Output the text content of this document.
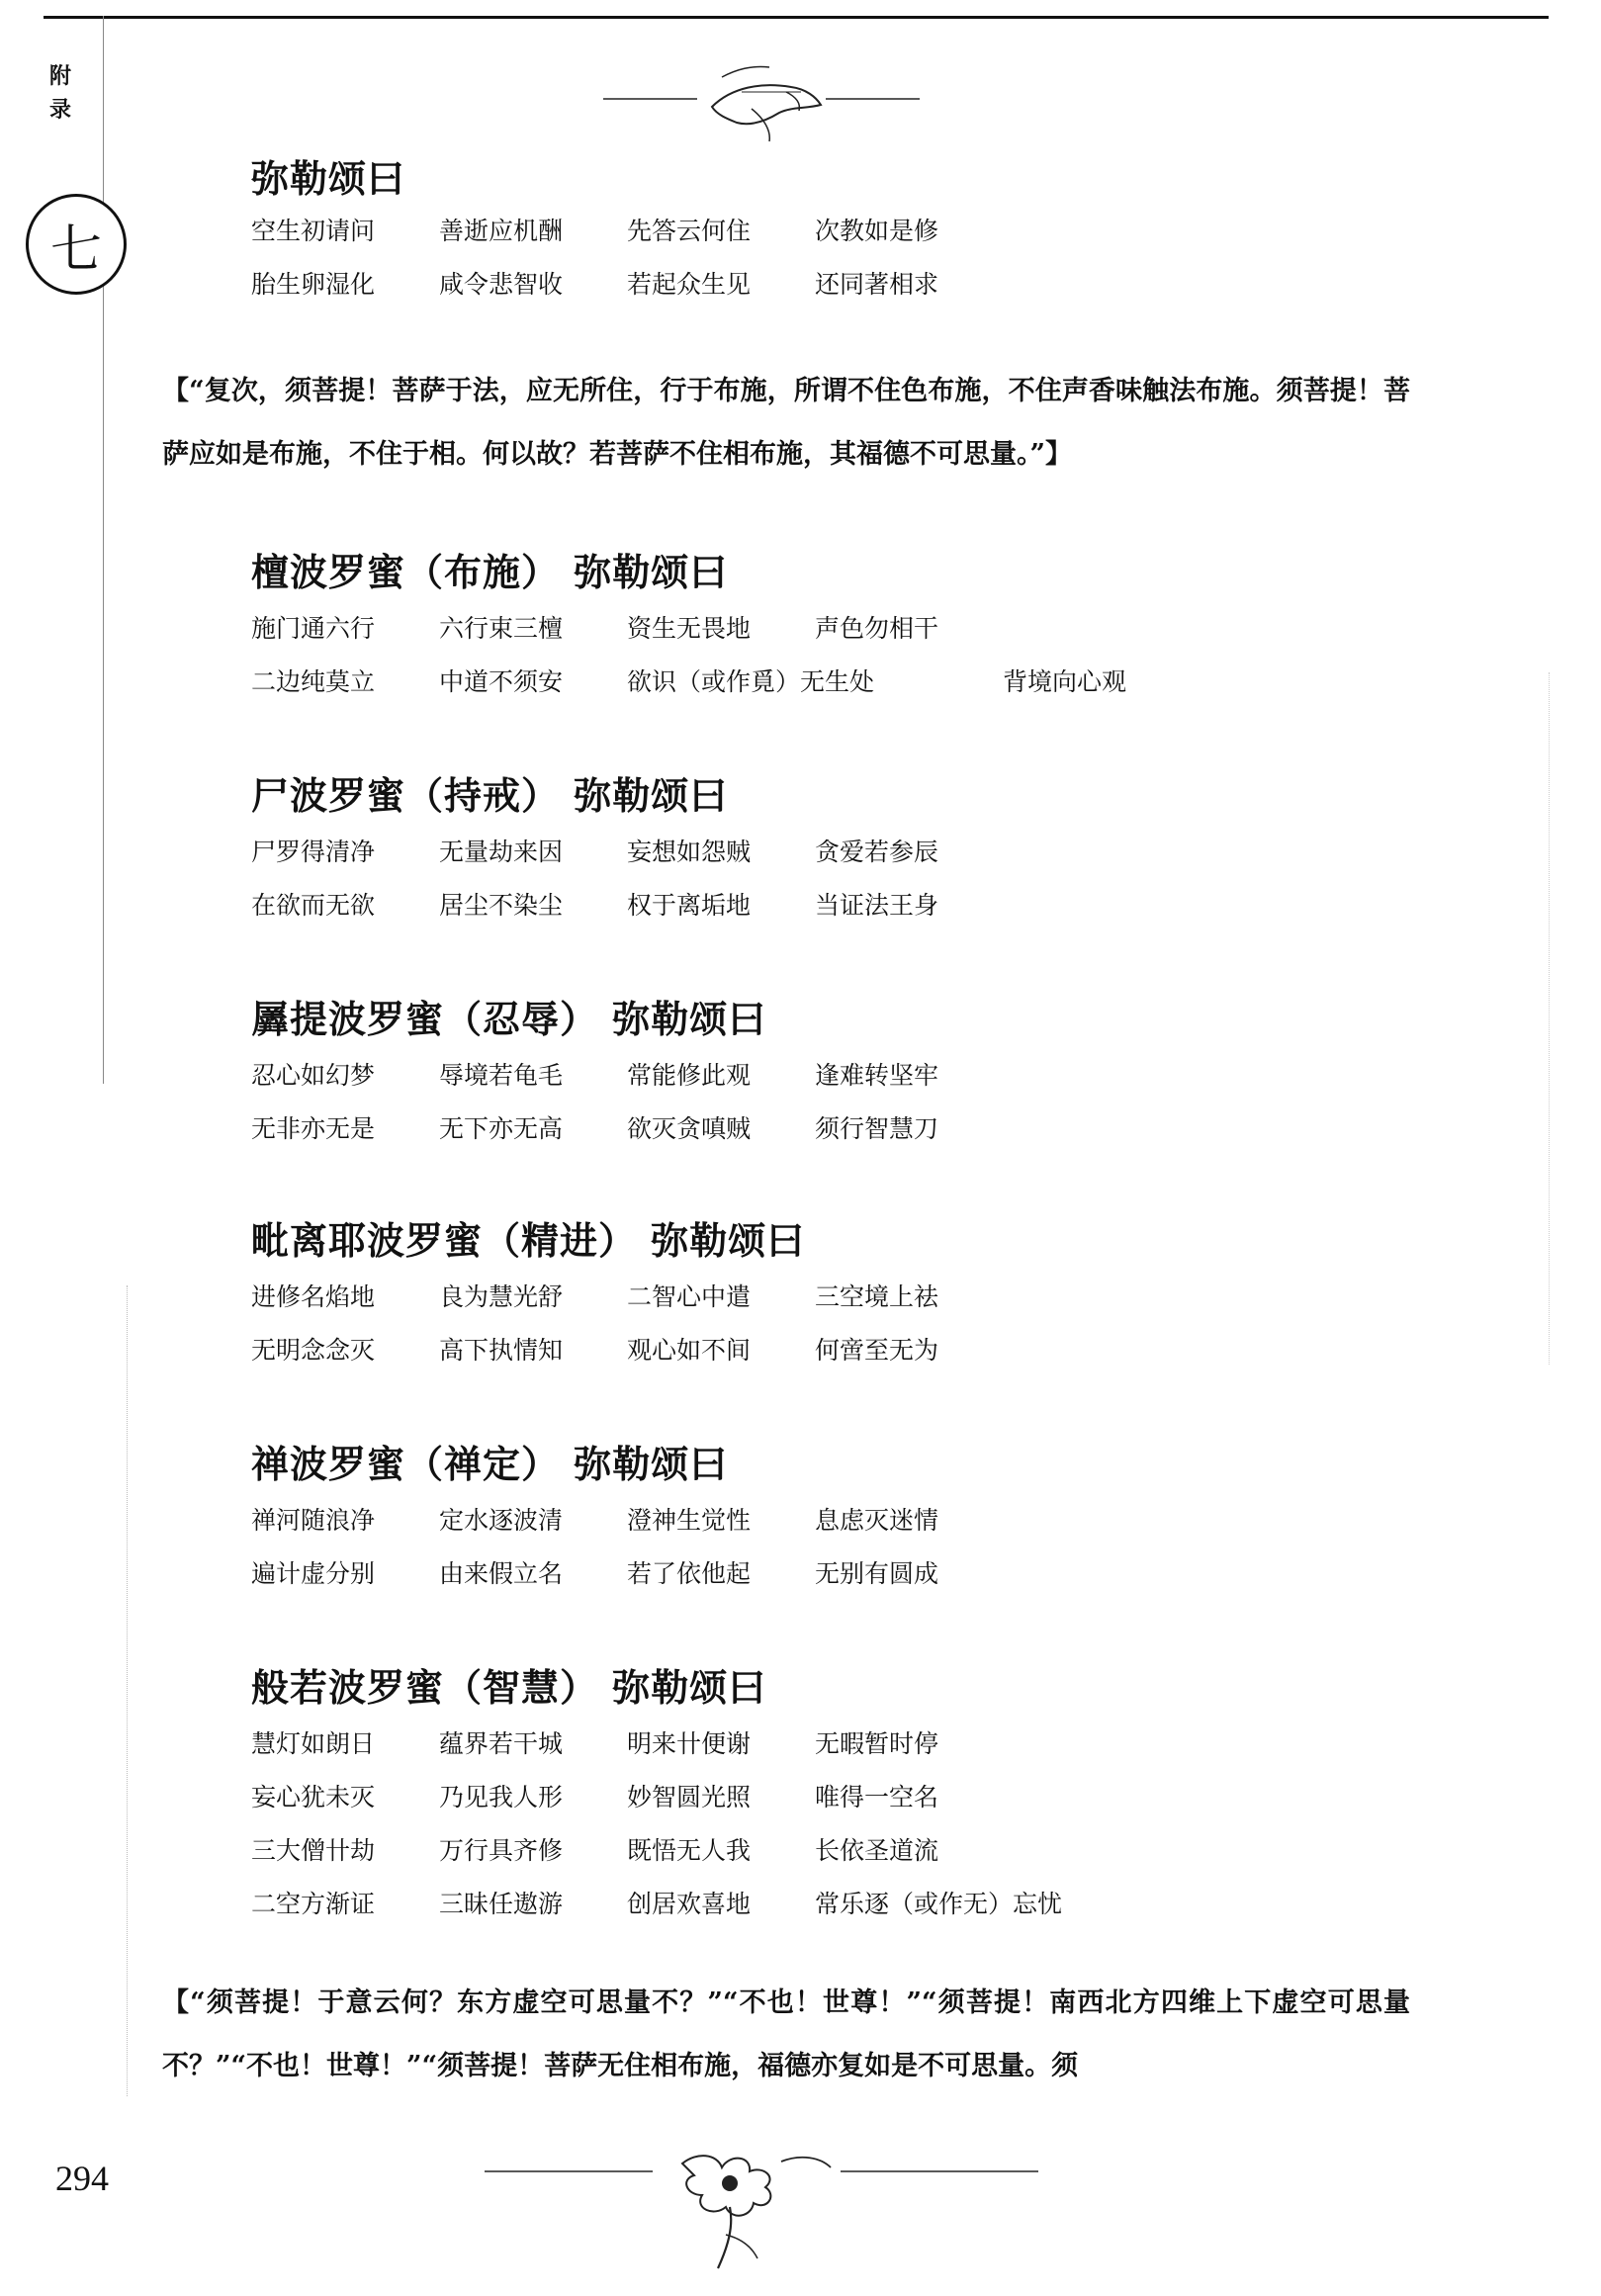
附
录
七
弥勒颂曰
空生初请问	善逝应机酬	先答云何住	次教如是修
胎生卵湿化	咸令悲智收	若起众生见	还同著相求
【“复次，须菩提！菩萨于法，应无所住，行于布施，所谓不住色布施，不住声香味触法布施。须菩提！菩萨应如是布施，不住于相。何以故？若菩萨不住相布施，其福德不可思量。”】
檀波罗蜜（布施） 弥勒颂曰
施门通六行	六行束三檀	资生无畏地	声色勿相干
二边纯莫立	中道不须安	欲识（或作覓）无生处	背境向心观
尸波罗蜜（持戒） 弥勒颂曰
尸罗得清净	无量劫来因	妄想如怨贼	贪爱若参辰
在欲而无欲	居尘不染尘	权于离垢地	当证法王身
羼提波罗蜜（忍辱） 弥勒颂曰
忍心如幻梦	辱境若龟毛	常能修此观	逢难转坚牢
无非亦无是	无下亦无高	欲灭贪嗔贼	须行智慧刀
毗离耶波罗蜜（精进） 弥勒颂曰
进修名焰地	良为慧光舒	二智心中遣	三空境上祛
无明念念灭	高下执情知	观心如不间	何啻至无为
禅波罗蜜（禅定） 弥勒颂曰
禅河随浪净	定水逐波清	澄神生觉性	息虑灭迷情
遍计虚分别	由来假立名	若了依他起	无别有圆成
般若波罗蜜（智慧） 弥勒颂曰
慧灯如朗日	蕴界若干城	明来卄便谢	无暇暂时停
妄心犹未灭	乃见我人形	妙智圆光照	唯得一空名
三大僧卄劫	万行具齐修	既悟无人我	长依圣道流
二空方渐证	三昧任遨游	创居欢喜地	常乐逐（或作无）忘忧
【“须菩提！于意云何？东方虚空可思量不？”“不也！世尊！”“须菩提！南西北方四维上下虚空可思量不？”“不也！世尊！”“须菩提！菩萨无住相布施，福德亦复如是不可思量。须
294
